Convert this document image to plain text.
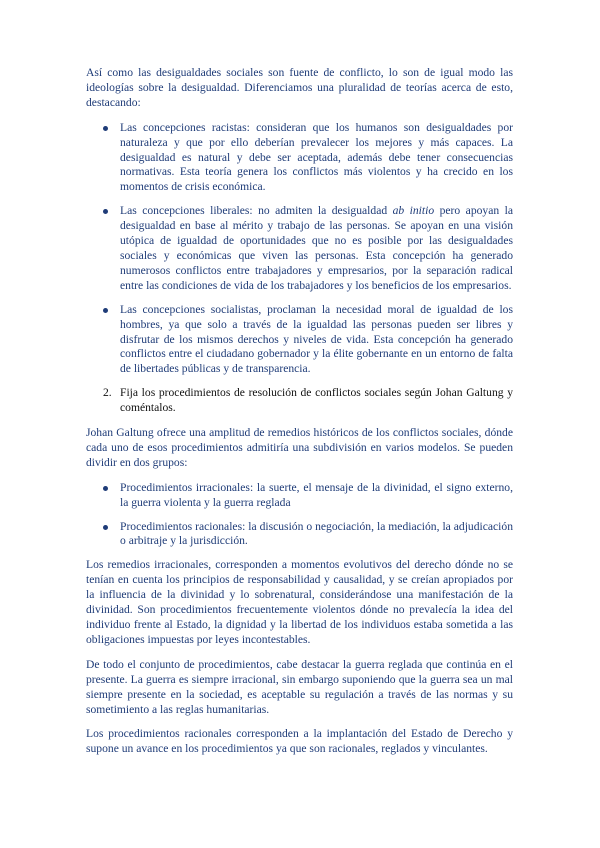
Así como las desigualdades sociales son fuente de conflicto, lo son de igual modo las ideologías sobre la desigualdad. Diferenciamos una pluralidad de teorías acerca de esto, destacando:

Las concepciones racistas: consideran que los humanos son desigualdades por naturaleza y que por ello deberían prevalecer los mejores y más capaces. La desigualdad es natural y debe ser aceptada, además debe tener consecuencias normativas. Esta teoría genera los conflictos más violentos y ha crecido en los momentos de crisis económica.

Las concepciones liberales: no admiten la desigualdad ab initio pero apoyan la desigualdad en base al mérito y trabajo de las personas. Se apoyan en una visión utópica de igualdad de oportunidades que no es posible por las desigualdades sociales y económicas que viven las personas. Esta concepción ha generado numerosos conflictos entre trabajadores y empresarios, por la separación radical entre las condiciones de vida de los trabajadores y los beneficios de los empresarios.

Las concepciones socialistas, proclaman la necesidad moral de igualdad de los hombres, ya que solo a través de la igualdad las personas pueden ser libres y disfrutar de los mismos derechos y niveles de vida. Esta concepción ha generado conflictos entre el ciudadano gobernador y la élite gobernante en un entorno de falta de libertades públicas y de transparencia.

2. Fija los procedimientos de resolución de conflictos sociales según Johan Galtung y coméntalos.

Johan Galtung ofrece una amplitud de remedios históricos de los conflictos sociales, dónde cada uno de esos procedimientos admitiría una subdivisión en varios modelos. Se pueden dividir en dos grupos:

Procedimientos irracionales: la suerte, el mensaje de la divinidad, el signo externo, la guerra violenta y la guerra reglada

Procedimientos racionales: la discusión o negociación, la mediación, la adjudicación o arbitraje y la jurisdicción.

Los remedios irracionales, corresponden a momentos evolutivos del derecho dónde no se tenían en cuenta los principios de responsabilidad y causalidad, y se creían apropiados por la influencia de la divinidad y lo sobrenatural, considerándose una manifestación de la divinidad. Son procedimientos frecuentemente violentos dónde no prevalecía la idea del individuo frente al Estado, la dignidad y la libertad de los individuos estaba sometida a las obligaciones impuestas por leyes incontestables.

De todo el conjunto de procedimientos, cabe destacar la guerra reglada que continúa en el presente. La guerra es siempre irracional, sin embargo suponiendo que la guerra sea un mal siempre presente en la sociedad, es aceptable su regulación a través de las normas y su sometimiento a las reglas humanitarias.

Los procedimientos racionales corresponden a la implantación del Estado de Derecho y supone un avance en los procedimientos ya que son racionales, reglados y vinculantes.
